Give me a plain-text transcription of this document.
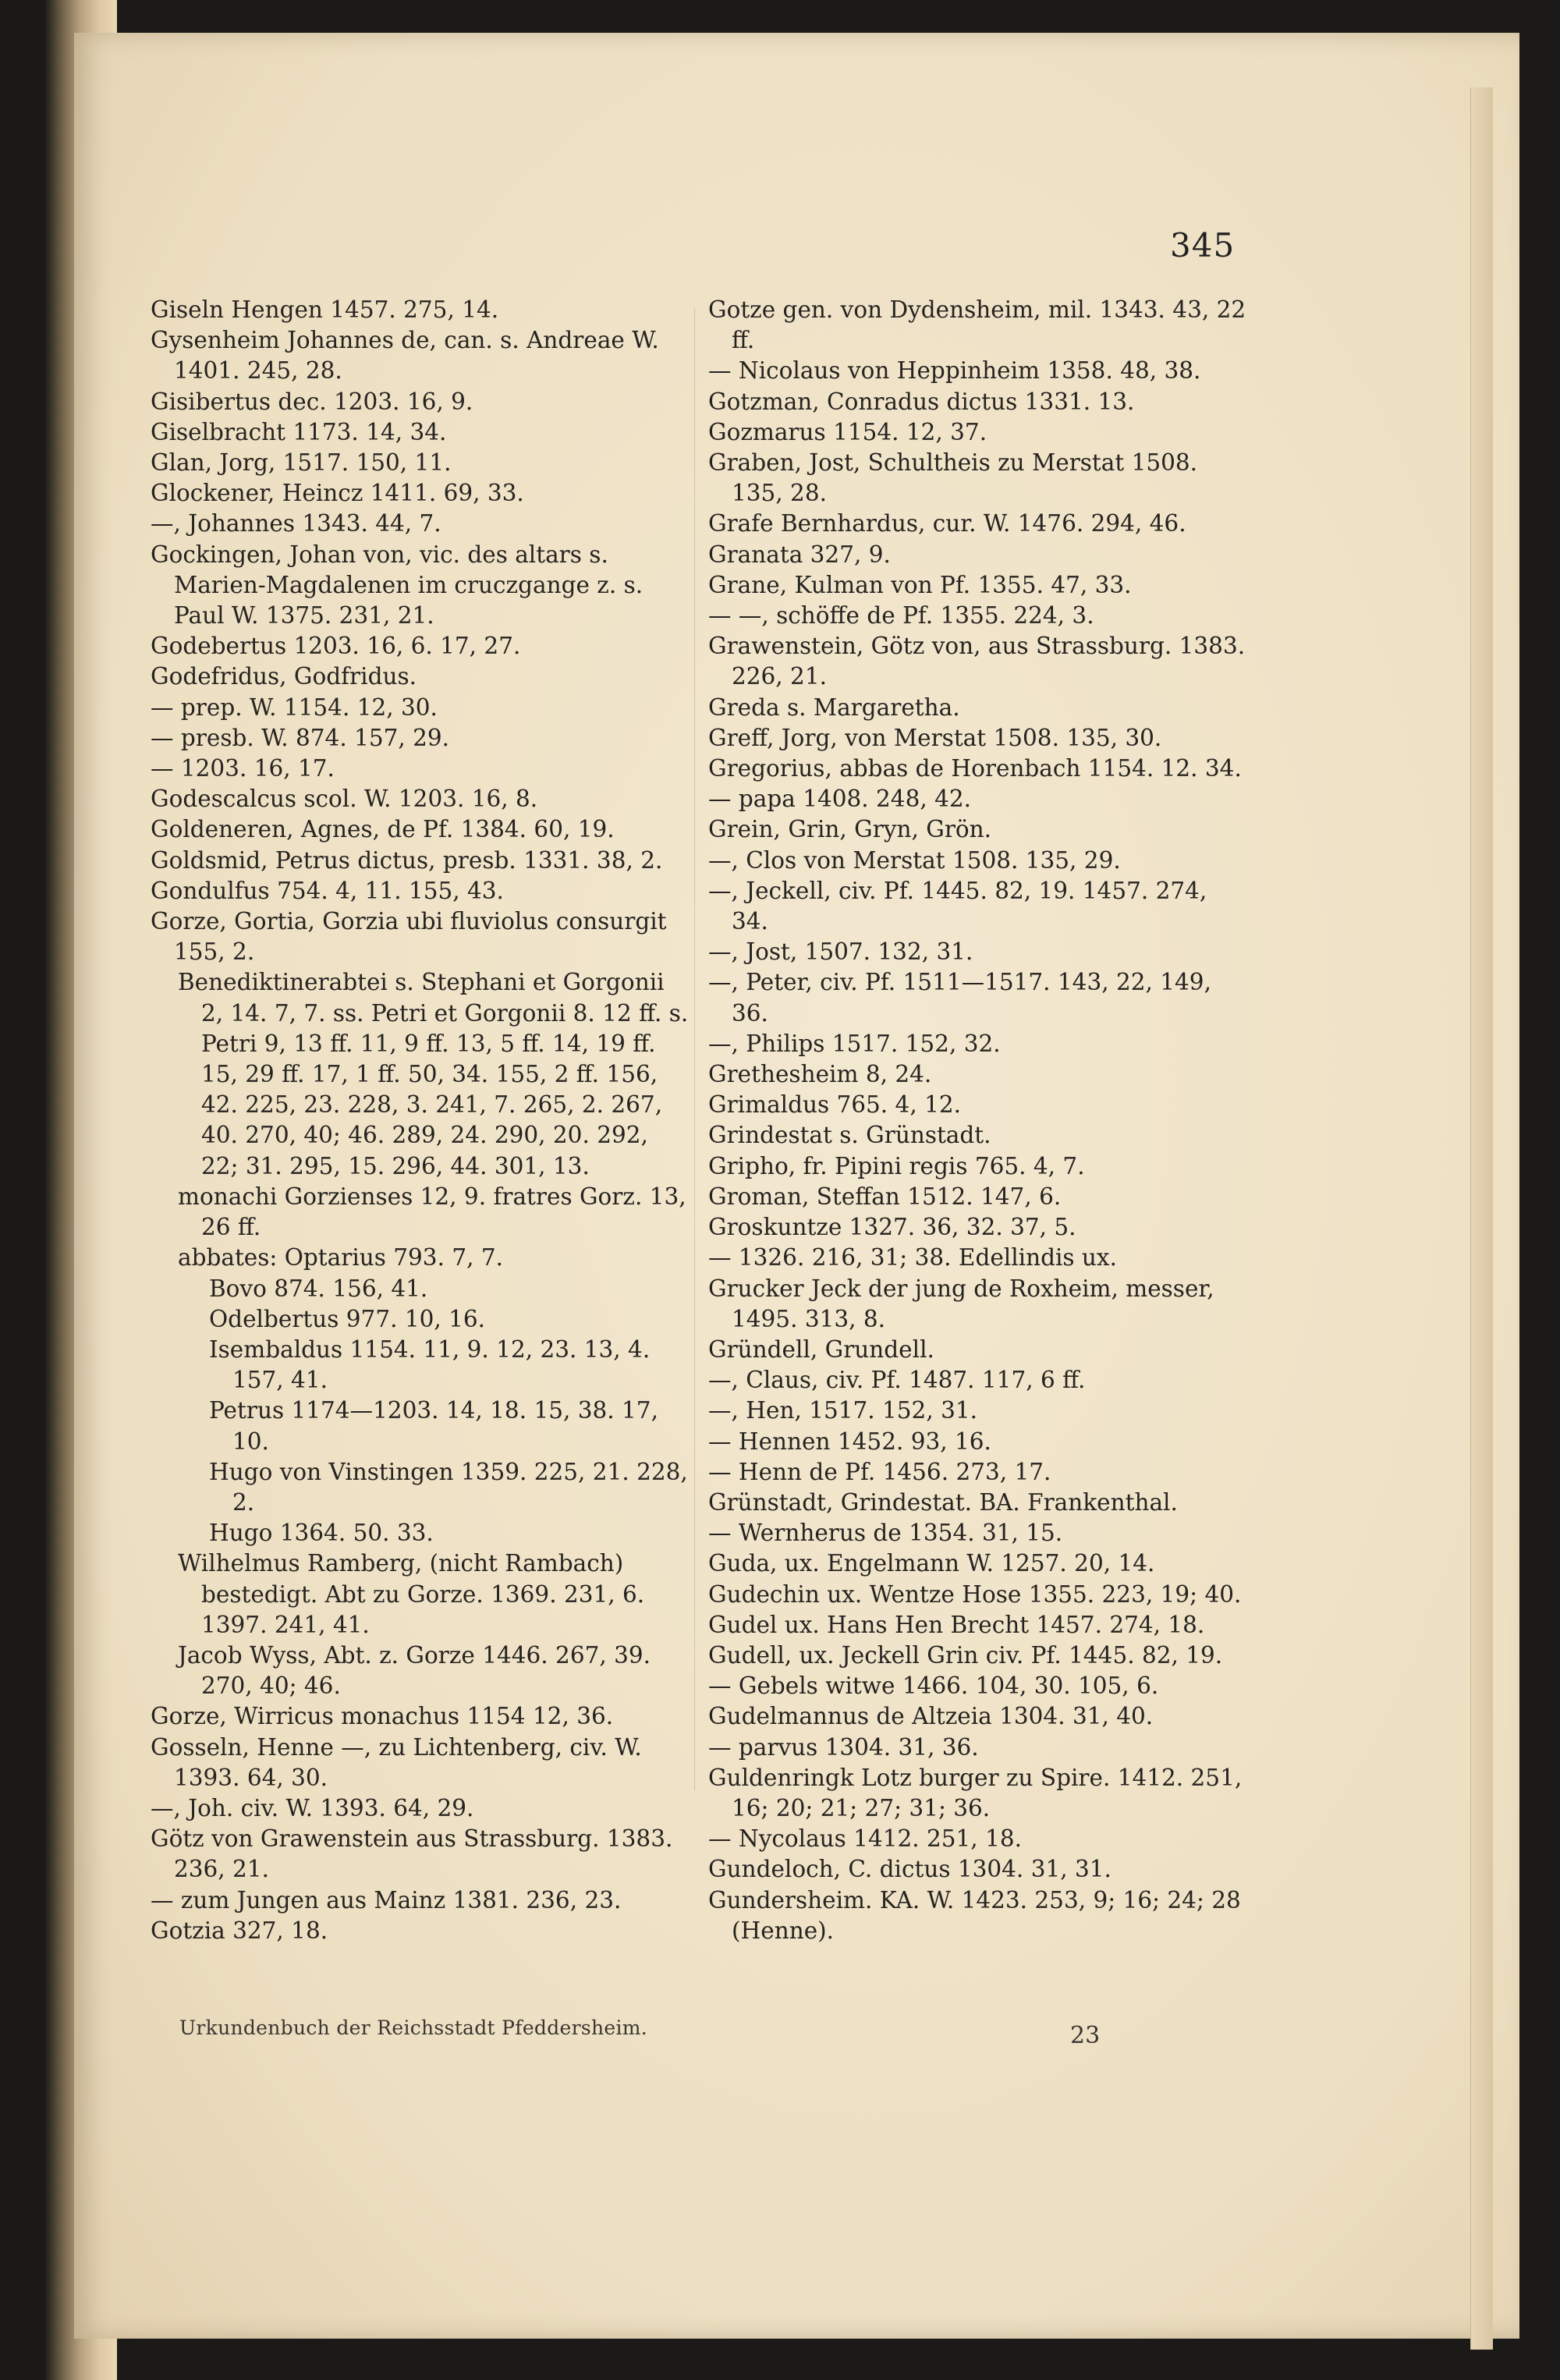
345

Giseln Hengen 1457. 275, 14.

Gysenheim Johannes de, can. s. Andreae W. 1401. 245, 28.

Gisibertus dec. 1203. 16, 9.

Giselbracht 1173. 14, 34.

Glan, Jorg, 1517. 150, 11.

Glockener, Heincz 1411. 69, 33.

—, Johannes 1343. 44, 7.

Gockingen, Johan von, vic. des altars s. Marien-Magdalenen im cruczgange z. s. Paul W. 1375. 231, 21.

Godebertus 1203. 16, 6. 17, 27.

Godefridus, Godfridus.

— prep. W. 1154. 12, 30.

— presb. W. 874. 157, 29.

— 1203. 16, 17.

Godescalcus scol. W. 1203. 16, 8.

Goldeneren, Agnes, de Pf. 1384. 60, 19.

Goldsmid, Petrus dictus, presb. 1331. 38, 2.

Gondulfus 754. 4, 11. 155, 43.

Gorze, Gortia, Gorzia ubi fluviolus consurgit 155, 2.

Benediktinerabtei s. Stephani et Gorgonii 2, 14. 7, 7. ss. Petri et Gorgonii 8. 12 ff. s. Petri 9, 13 ff. 11, 9 ff. 13, 5 ff. 14, 19 ff. 15, 29 ff. 17, 1 ff. 50, 34. 155, 2 ff. 156, 42. 225, 23. 228, 3. 241, 7. 265, 2. 267, 40. 270, 40; 46. 289, 24. 290, 20. 292, 22; 31. 295, 15. 296, 44. 301, 13.

monachi Gorzienses 12, 9. fratres Gorz. 13, 26 ff.

abbates: Optarius 793. 7, 7.

Bovo 874. 156, 41.

Odelbertus 977. 10, 16.

Isembaldus 1154. 11, 9. 12, 23. 13, 4. 157, 41.

Petrus 1174—1203. 14, 18. 15, 38. 17, 10.

Hugo von Vinstingen 1359. 225, 21. 228, 2.

Hugo 1364. 50. 33.

Wilhelmus Ramberg, (nicht Rambach) bestedigt. Abt zu Gorze. 1369. 231, 6. 1397. 241, 41.

Jacob Wyss, Abt. z. Gorze 1446. 267, 39. 270, 40; 46.

Gorze, Wirricus monachus 1154 12, 36.

Gosseln, Henne —, zu Lichtenberg, civ. W. 1393. 64, 30.

—, Joh. civ. W. 1393. 64, 29.

Götz von Grawenstein aus Strassburg. 1383. 236, 21.

— zum Jungen aus Mainz 1381. 236, 23.

Gotzia 327, 18.

Gotze gen. von Dydensheim, mil. 1343. 43, 22 ff.

— Nicolaus von Heppinheim 1358. 48, 38.

Gotzman, Conradus dictus 1331. 13.

Gozmarus 1154. 12, 37.

Graben, Jost, Schultheis zu Merstat 1508. 135, 28.

Grafe Bernhardus, cur. W. 1476. 294, 46.

Granata 327, 9.

Grane, Kulman von Pf. 1355. 47, 33.

— —, schöffe de Pf. 1355. 224, 3.

Grawenstein, Götz von, aus Strassburg. 1383. 226, 21.

Greda s. Margaretha.

Greff, Jorg, von Merstat 1508. 135, 30.

Gregorius, abbas de Horenbach 1154. 12. 34.

— papa 1408. 248, 42.

Grein, Grin, Gryn, Grön.

—, Clos von Merstat 1508. 135, 29.

—, Jeckell, civ. Pf. 1445. 82, 19. 1457. 274, 34.

—, Jost, 1507. 132, 31.

—, Peter, civ. Pf. 1511—1517. 143, 22, 149, 36.

—, Philips 1517. 152, 32.

Grethesheim 8, 24.

Grimaldus 765. 4, 12.

Grindestat s. Grünstadt.

Gripho, fr. Pipini regis 765. 4, 7.

Groman, Steffan 1512. 147, 6.

Groskuntze 1327. 36, 32. 37, 5.

— 1326. 216, 31; 38. Edellindis ux.

Grucker Jeck der jung de Roxheim, messer, 1495. 313, 8.

Gründell, Grundell.

—, Claus, civ. Pf. 1487. 117, 6 ff.

—, Hen, 1517. 152, 31.

— Hennen 1452. 93, 16.

— Henn de Pf. 1456. 273, 17.

Grünstadt, Grindestat. BA. Frankenthal.

— Wernherus de 1354. 31, 15.

Guda, ux. Engelmann W. 1257. 20, 14.

Gudechin ux. Wentze Hose 1355. 223, 19; 40.

Gudel ux. Hans Hen Brecht 1457. 274, 18.

Gudell, ux. Jeckell Grin civ. Pf. 1445. 82, 19.

— Gebels witwe 1466. 104, 30. 105, 6.

Gudelmannus de Altzeia 1304. 31, 40.

— parvus 1304. 31, 36.

Guldenringk Lotz burger zu Spire. 1412. 251, 16; 20; 21; 27; 31; 36.

— Nycolaus 1412. 251, 18.

Gundeloch, C. dictus 1304. 31, 31.

Gundersheim. KA. W. 1423. 253, 9; 16; 24; 28 (Henne).

Urkundenbuch der Reichsstadt Pfeddersheim.	23
